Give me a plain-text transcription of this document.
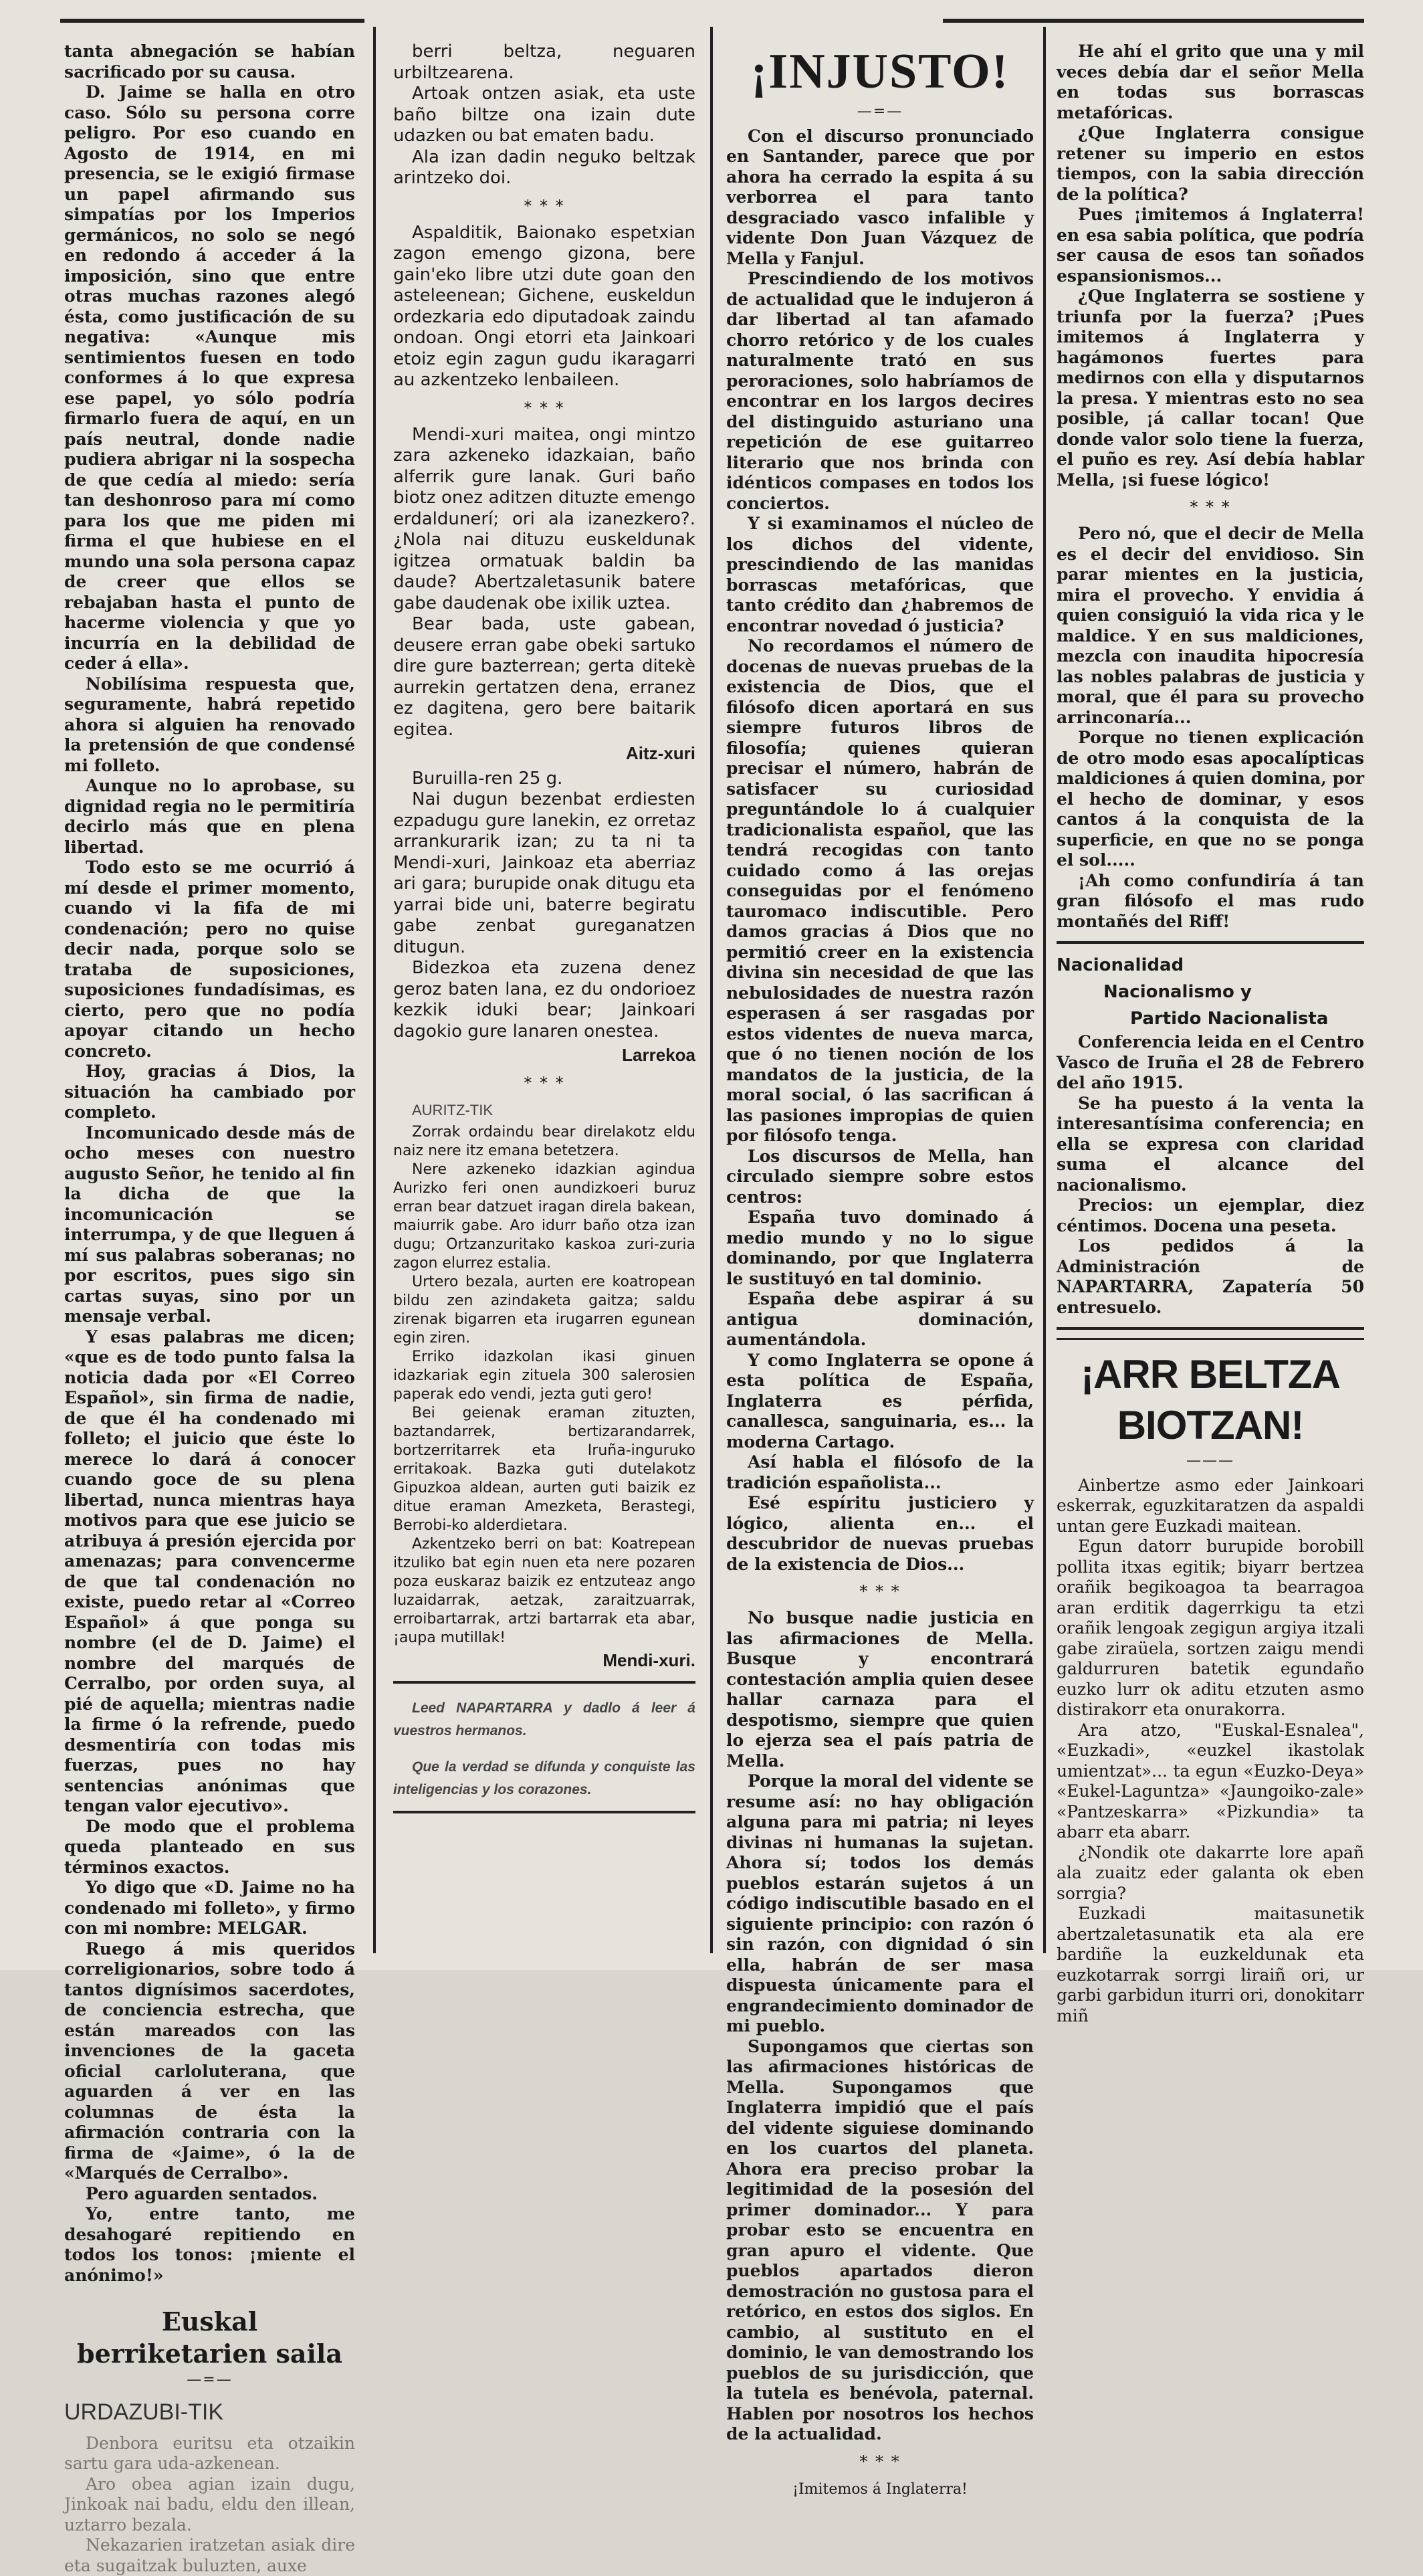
tanta abnegación se habían sacrificado por su causa.

D. Jaime se halla en otro caso. Sólo su persona corre peligro. Por eso cuando en Agosto de 1914, en mi presencia, se le exigió firmase un papel afirmando sus simpatías por los Imperios germánicos, no solo se negó en redondo á acceder á la imposición, sino que entre otras muchas razones alegó ésta, como justificación de su negativa: «Aunque mis sentimientos fuesen en todo conformes á lo que expresa ese papel, yo sólo podría firmarlo fuera de aquí, en un país neutral, donde nadie pudiera abrigar ni la sospecha de que cedía al miedo: sería tan deshonroso para mí como para los que me piden mi firma el que hubiese en el mundo una sola persona capaz de creer que ellos se rebajaban hasta el punto de hacerme violencia y que yo incurría en la debilidad de ceder á ella».

Nobilísima respuesta que, seguramente, habrá repetido ahora si alguien ha renovado la pretensión de que condensé mi folleto.

Aunque no lo aprobase, su dignidad regia no le permitiría decirlo más que en plena libertad.

Todo esto se me ocurrió á mí desde el primer momento, cuando vi la fifa de mi condenación; pero no quise decir nada, porque solo se trataba de suposiciones, suposiciones fundadísimas, es cierto, pero que no podía apoyar citando un hecho concreto.

Hoy, gracias á Dios, la situación ha cambiado por completo.

Incomunicado desde más de ocho meses con nuestro augusto Señor, he tenido al fin la dicha de que la incomunicación se interrumpa, y de que lleguen á mí sus palabras soberanas; no por escritos, pues sigo sin cartas suyas, sino por un mensaje verbal.

Y esas palabras me dicen; «que es de todo punto falsa la noticia dada por «El Correo Español», sin firma de nadie, de que él ha condenado mi folleto; el juicio que éste lo merece lo dará á conocer cuando goce de su plena libertad, nunca mientras haya motivos para que ese juicio se atribuya á presión ejercida por amenazas; para convencerme de que tal condenación no existe, puedo retar al «Correo Español» á que ponga su nombre (el de D. Jaime) el nombre del marqués de Cerralbo, por orden suya, al pié de aquella; mientras nadie la firme ó la refrende, puedo desmentiría con todas mis fuerzas, pues no hay sentencias anónimas que tengan valor ejecutivo».

De modo que el problema queda planteado en sus términos exactos.

Yo digo que «D. Jaime no ha condenado mi folleto», y firmo con mi nombre: MELGAR.

Ruego á mis queridos correligionarios, sobre todo á tantos dignísimos sacerdotes, de conciencia estrecha, que están mareados con las invenciones de la gaceta oficial carloluterana, que aguarden á ver en las columnas de ésta la afirmación contraria con la firma de «Jaime», ó la de «Marqués de Cerralbo».

Pero aguarden sentados.

Yo, entre tanto, me desahogaré repitiendo en todos los tonos: ¡miente el anónimo!»

Euskal berriketarien saila
—=—

URDAZUBI-TIK

Denbora euritsu eta otzaikin sartu gara uda-azkenean.

Aro obea agian izain dugu, Jinkoak nai badu, eldu den illean, uztarro bezala.

Nekazarien iratzetan asiak dire eta sugaitzak buluzten, auxe

berri beltza, neguaren urbiltzearena.

Artoak ontzen asiak, eta uste baño biltze ona izain dute udazken ou bat ematen badu.

Ala izan dadin neguko beltzak arintzeko doi.

* * *

Aspalditik, Baionako espetxian zagon emengo gizona, bere gain'eko libre utzi dute goan den asteleenean; Gichene, euskeldun ordezkaria edo diputadoak zaindu ondoan. Ongi etorri eta Jainkoari etoiz egin zagun gudu ikaragarri au azkentzeko lenbaileen.

* * *

Mendi-xuri maitea, ongi mintzo zara azkeneko idazkaian, baño alferrik gure lanak. Guri baño biotz onez aditzen dituzte emengo erdaldunerí; ori ala izanezkero?. ¿Nola nai dituzu euskeldunak igitzea ormatuak baldin ba daude? Abertzaletasunik batere gabe daudenak obe ixilik uztea.

Bear bada, uste gabean, deusere erran gabe obeki sartuko dire gure bazterrean; gerta ditekè aurrekin gertatzen dena, erranez ez dagitena, gero bere baitarik egitea.

Aitz-xuri

Buruilla-ren 25 g.

Nai dugun bezenbat erdiesten ezpadugu gure lanekin, ez orretaz arrankurarik izan; zu ta ni ta Mendi-xuri, Jainkoaz eta aberriaz ari gara; burupide onak ditugu eta yarrai bide uni, bateгre begiratu gabe zenbat gureganatzen ditugun.

Bidezkoa eta zuzena denez geroz baten lana, ez du ondorioez kezkik iduki bear; Jainkoari dagokio gure lanaren onestea.

Larrekoa
* * *

AURITZ-TIK

Zorrak ordaindu bear direlakotz eldu naiz nere itz emana betetzera.

Nere azkeneko idazkian agindua Aurizko feri onen aundizkoeri buruz erran bear datzuet iragan direla bakean, maiurrik gabe. Aro idurr baño otza izan dugu; Ortzanzuritako kaskoa zuri-zuria zagon elurrez estalia.

Urtero bezala, aurten ere koatropean bildu zen azindaketa gaitza; saldu zirenak bigarren eta irugarren egunean egin ziren.

Erriko idazkolan ikasi ginuen idazkariak egin zituela 300 salerosien paperak edo vendi, jezta guti gero!

Bei geienak eraman zituzten, baztandarrek, bertizarandarrek, bortzerritarrek eta Iruña-inguruko erritakoak. Bazka guti dutelakotz Gipuzkoa aldean, aurten guti baizik ez ditue eraman Amezketa, Berastegi, Berrobi-ko alderdietara.

Azkentzeko berri on bat: Koatrepean itzuliko bat egin nuen eta nere pozaren poza euskaraz baizik ez entzuteaz ango luzaidarrak, aetzak, zaraitzuarrak, erroibartarrak, artzi bartarrak eta abar, ¡aupa mutillak!

Mendi-xuri.

Leed NAPARTARRA y dadlo á leer á vuestros hermanos.

Que la verdad se difunda y conquiste las inteligencias y los corazones.

¡INJUSTO!
—=—

Con el discurso pronunciado en Santander, parece que por ahora ha cerrado la espita á su verborrea el para tanto desgraciado vasco infalible y vidente Don Juan Vázquez de Mella y Fanjul.

Prescindiendo de los motivos de actualidad que le indujeron á dar libertad al tan afamado chorro retórico y de los cuales naturalmente trató en sus peroraciones, solo habríamos de encontrar en los largos decires del distinguido asturiano una repetición de ese guitarreo literario que nos brinda con idénticos compases en todos los conciertos.

Y si examinamos el núcleo de los dichos del vidente, prescindiendo de las manidas borrascas metafóricas, que tanto crédito dan ¿habremos de encontrar novedad ó justicia?

No recordamos el número de docenas de nuevas pruebas de la existencia de Dios, que el filósofo dicen aportará en sus siempre futuros libros de filosofía; quienes quieran precisar el número, habrán de satisfacer su curiosidad preguntándole lo á cualquier tradicionalista español, que las tendrá recogidas con tanto cuidado como á las orejas conseguidas por el fenómeno tauromaco indiscutible. Pero damos gracias á Dios que no permitió creer en la existencia divina sin necesidad de que las nebulosidades de nuestra razón esperasen á ser rasgadas por estos videntes de nueva marca, que ó no tienen noción de los mandatos de la justicia, de la moral social, ó las sacrifican á las pasiones impropias de quien por filósofo tenga.

Los discursos de Mella, han circulado siempre sobre estos centros:

España tuvo dominado á medio mundo y no lo sigue dominando, por que Inglaterra le sustituyó en tal dominio.

España debe aspirar á su antigua dominación, aumentándola.

Y como Inglaterra se opone á esta política de España, Inglaterra es pérfida, canallesca, sanguinaria, es... la moderna Cartago.

Así habla el filósofo de la tradición españolista...

Esé espíritu justiciero y lógico, alienta en... el descubridor de nuevas pruebas de la existencia de Dios...

* * *

No busque nadie justicia en las afirmaciones de Mella. Busque y encontrará contestación amplia quien desee hallar carnaza para el despotismo, siempre que quien lo ejerza sea el país patria de Mella.

Porque la moral del vidente se resume así: no hay obligación alguna para mi patria; ni leyes divinas ni humanas la sujetan. Ahora sí; todos los demás pueblos estarán sujetos á un código indiscutible basado en el siguiente principio: con razón ó sin razón, con dignidad ó sin ella, habrán de ser masa dispuesta únicamente para el engrandecimiento dominador de mi pueblo.

Supongamos que ciertas son las afirmaciones históricas de Mella. Supongamos que Inglaterra impidió que el país del vidente siguiese dominando en los cuartos del planeta. Ahora era preciso probar la legitimidad de la posesión del primer dominador... Y para probar esto se encuentra en gran apuro el vidente. Que pueblos apartados dieron demostración no gustosa para el retórico, en estos dos siglos. En cambio, al sustituto en el dominio, le van demostrando los pueblos de su jurisdicción, que la tutela es benévola, paternal. Hablen por nosotros los hechos de la actualidad.

* * *

¡Imitemos á Inglaterra!

He ahí el grito que una y mil veces debía dar el señor Mella en todas sus borrascas metafóricas.

¿Que Inglaterra consigue retener su imperio en estos tiempos, con la sabia dirección de la política?

Pues ¡imitemos á Inglaterra! en esa sabia política, que podría ser causa de esos tan soñados espansionismos...

¿Que Inglaterra se sostiene y triunfa por la fuerza? ¡Pues imitemos á Inglaterra y hagámonos fuertes para medirnos con ella y disputarnos la presa. Y mientras esto no sea posible, ¡á callar tocan! Que donde valor solo tiene la fuerza, el puño es rey. Así debía hablar Mella, ¡si fuese lógico!

* * *

Pero nó, que el decir de Mella es el decir del envidioso. Sin parar mientes en la justicia, mira el provecho. Y envidia á quien consiguió la vida rica y le maldice. Y en sus maldiciones, mezcla con inaudita hipocresía las nobles palabras de justicia y moral, que él para su provecho arrinconaría...

Porque no tienen explicación de otro modo esas apocalípticas maldiciones á quien domina, por el hecho de dominar, y esos cantos á la conquista de la superficie, en que no se ponga el sol.....

¡Ah como confundiría á tan gran filósofo el mas rudo montañés del Riff!

Nacionalidad
Nacionalismo y
Partido Nacionalista

Conferencia leida en el Centro Vasco de Iruña el 28 de Febrero del año 1915.

Se ha puesto á la venta la interesantísima conferencia; en ella se expresa con claridad suma el alcance del nacionalismo.

Precios: un ejemplar, diez céntimos. Docena una peseta.

Los pedidos á la Administración de NAPARTARRA, Zapatería 50 entresuelo.

¡ARR BELTZA BIOTZAN!
———

Ainbertze asmo eder Jainkoari eskerrak, eguzkitaratzen da aspaldi untan gere Euzkadi maitean.

Egun datorr burupide borobill pollita itxas egitik; biyarr bertzea orañik begikoagoa ta bearragoa aran erditik dagerrkigu ta etzi orañik lengoak zegigun argiya itzali gabe ziraüela, sortzen zaigu mendi galdurruren batetik egundaño euzko lurr ok aditu etzuten asmo distirakorr eta onurakorra.

Ara atzo, "Euskal-Esnalea", «Euzkadi», «euzkel ikastolak umientzat»... ta egun «Euzko-Deya» «Eukel-Laguntza» «Jaungoiko-zale» «Pantzeskarra» «Pizkundia» ta abarr eta abarr.

¿Nondik ote dakarrte lore apañ ala zuaitz eder galanta ok eben sorrgia?

Euzkadi maitasunetik abertzaletasunatik eta ala ere bardiñe la euzkeldunak eta euzkotarrak sorrgi liraiñ ori, ur garbi garbidun iturri ori, donokitarr miñ
